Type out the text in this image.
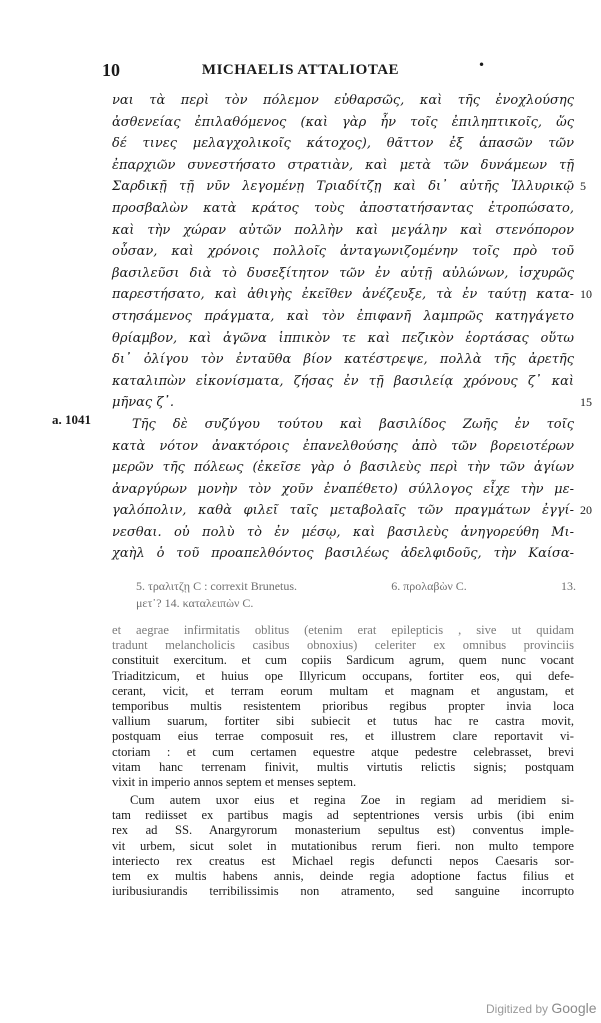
10	MICHAELIS ATTALIOTAE	•
a. 1041
ναι τὰ περὶ τὸν πόλεμον εὐθαρσῶς, καὶ τῆς ἐνοχλούσης
ἀσθενείας ἐπιλαθόμενος (καὶ γὰρ ἦν τοῖς ἐπιληπτικοῖς, ὥς
δέ τινες μελαγχολικοῖς κάτοχος), θᾶττον ἐξ ἁπασῶν τῶν
ἐπαρχιῶν συνεστήσατο στρατιὰν, καὶ μετὰ τῶν δυνάμεων τῇ
Σαρδικῇ τῇ νῦν λεγομένῃ Τριαδίτζῃ καὶ δι᾽ αὐτῆς Ἰλλυρικῷ 5
προσβαλὼν κατὰ κράτος τοὺς ἀποστατήσαντας ἐτροπώσατο,
καὶ τὴν χώραν αὐτῶν πολλὴν καὶ μεγάλην καὶ στενόπορον
οὖσαν, καὶ χρόνοις πολλοῖς ἀνταγωνιζομένην τοῖς πρὸ τοῦ
βασιλεῦσι διὰ τὸ δυσεξίτητον τῶν ἐν αὐτῇ αὐλώνων, ἰσχυρῶς
παρεστήσατο, καὶ ἀθιγὴς ἐκεῖθεν ἀνέζευξε, τὰ ἐν ταύτῃ κατα- 10
στησάμενος πράγματα, καὶ τὸν ἐπιφανῆ λαμπρῶς κατηγάγετο
θρίαμβον, καὶ ἀγῶνα ἱππικὸν τε καὶ πεζικὸν ἑορτάσας οὕτω
δι᾽ ὀλίγου τὸν ἐνταῦθα βίον κατέστρεψε, πολλὰ τῆς ἀρετῆς
καταλιπὼν εἰκονίσματα, ζήσας ἐν τῇ βασιλείᾳ χρόνους ζ᾽ καὶ
μῆνας ζ᾽.	15
Τῆς δὲ συζύγου τούτου καὶ βασιλίδος Ζωῆς ἐν τοῖς
κατὰ νότον ἀνακτόροις ἐπανελθούσης ἀπὸ τῶν βορειοτέρων
μερῶν τῆς πόλεως (ἐκεῖσε γὰρ ὁ βασιλεὺς περὶ τὴν τῶν ἁγίων
ἀναργύρων μονὴν τὸν χοῦν ἐναπέθετο) σύλλογος εἶχε τὴν με-
γαλόπολιν, καθὰ φιλεῖ ταῖς μεταβολαῖς τῶν πραγμάτων ἐγγί- 20
νεσθαι. οὐ πολὺ τὸ ἐν μέσῳ, καὶ βασιλεὺς ἀνηγορεύθη Μι-
χαὴλ ὁ τοῦ προαπελθόντος βασιλέως ἀδελφιδοῦς, τὴν Καίσα-
5. τραλιτζῃ C : correxit Brunetus.	6. προλαβὼν C.	13.
μετ᾽? 14. καταλειπὼν C.
et aegrae infirmitatis oblitus (etenim erat epilepticis , sive ut quidam
tradunt melancholicis casibus obnoxius) celeriter ex omnibus provinciis
constituit exercitum. et cum copiis Sardicum agrum, quem nunc vocant
Triaditzicum, et huius ope Illyricum occupans, fortiter eos, qui defe-
cerant, vicit, et terram eorum multam et magnam et angustam, et
temporibus multis resistentem prioribus regibus propter invia loca
vallium suarum, fortiter sibi subiecit et tutus hac re castra movit,
postquam eius terrae composuit res, et illustrem clare reportavit vi-
ctoriam : et cum certamen equestre atque pedestre celebrasset, brevi
vitam hanc terrenam finivit, multis virtutis relictis signis; postquam
vixit in imperio annos septem et menses septem.
Cum autem uxor eius et regina Zoe in regiam ad meridiem si-
tam rediisset ex partibus magis ad septentriones versis urbis (ibi enim
rex ad SS. Anargyrorum monasterium sepultus est) conventus imple-
vit urbem, sicut solet in mutationibus rerum fieri. non multo tempore
interiecto rex creatus est Michael regis defuncti nepos Caesaris sor-
tem ex multis habens annis, deinde regia adoptione factus filius et
iuribusiurandis terribilissimis non atramento, sed sanguine incorrupto
Digitized by Google
